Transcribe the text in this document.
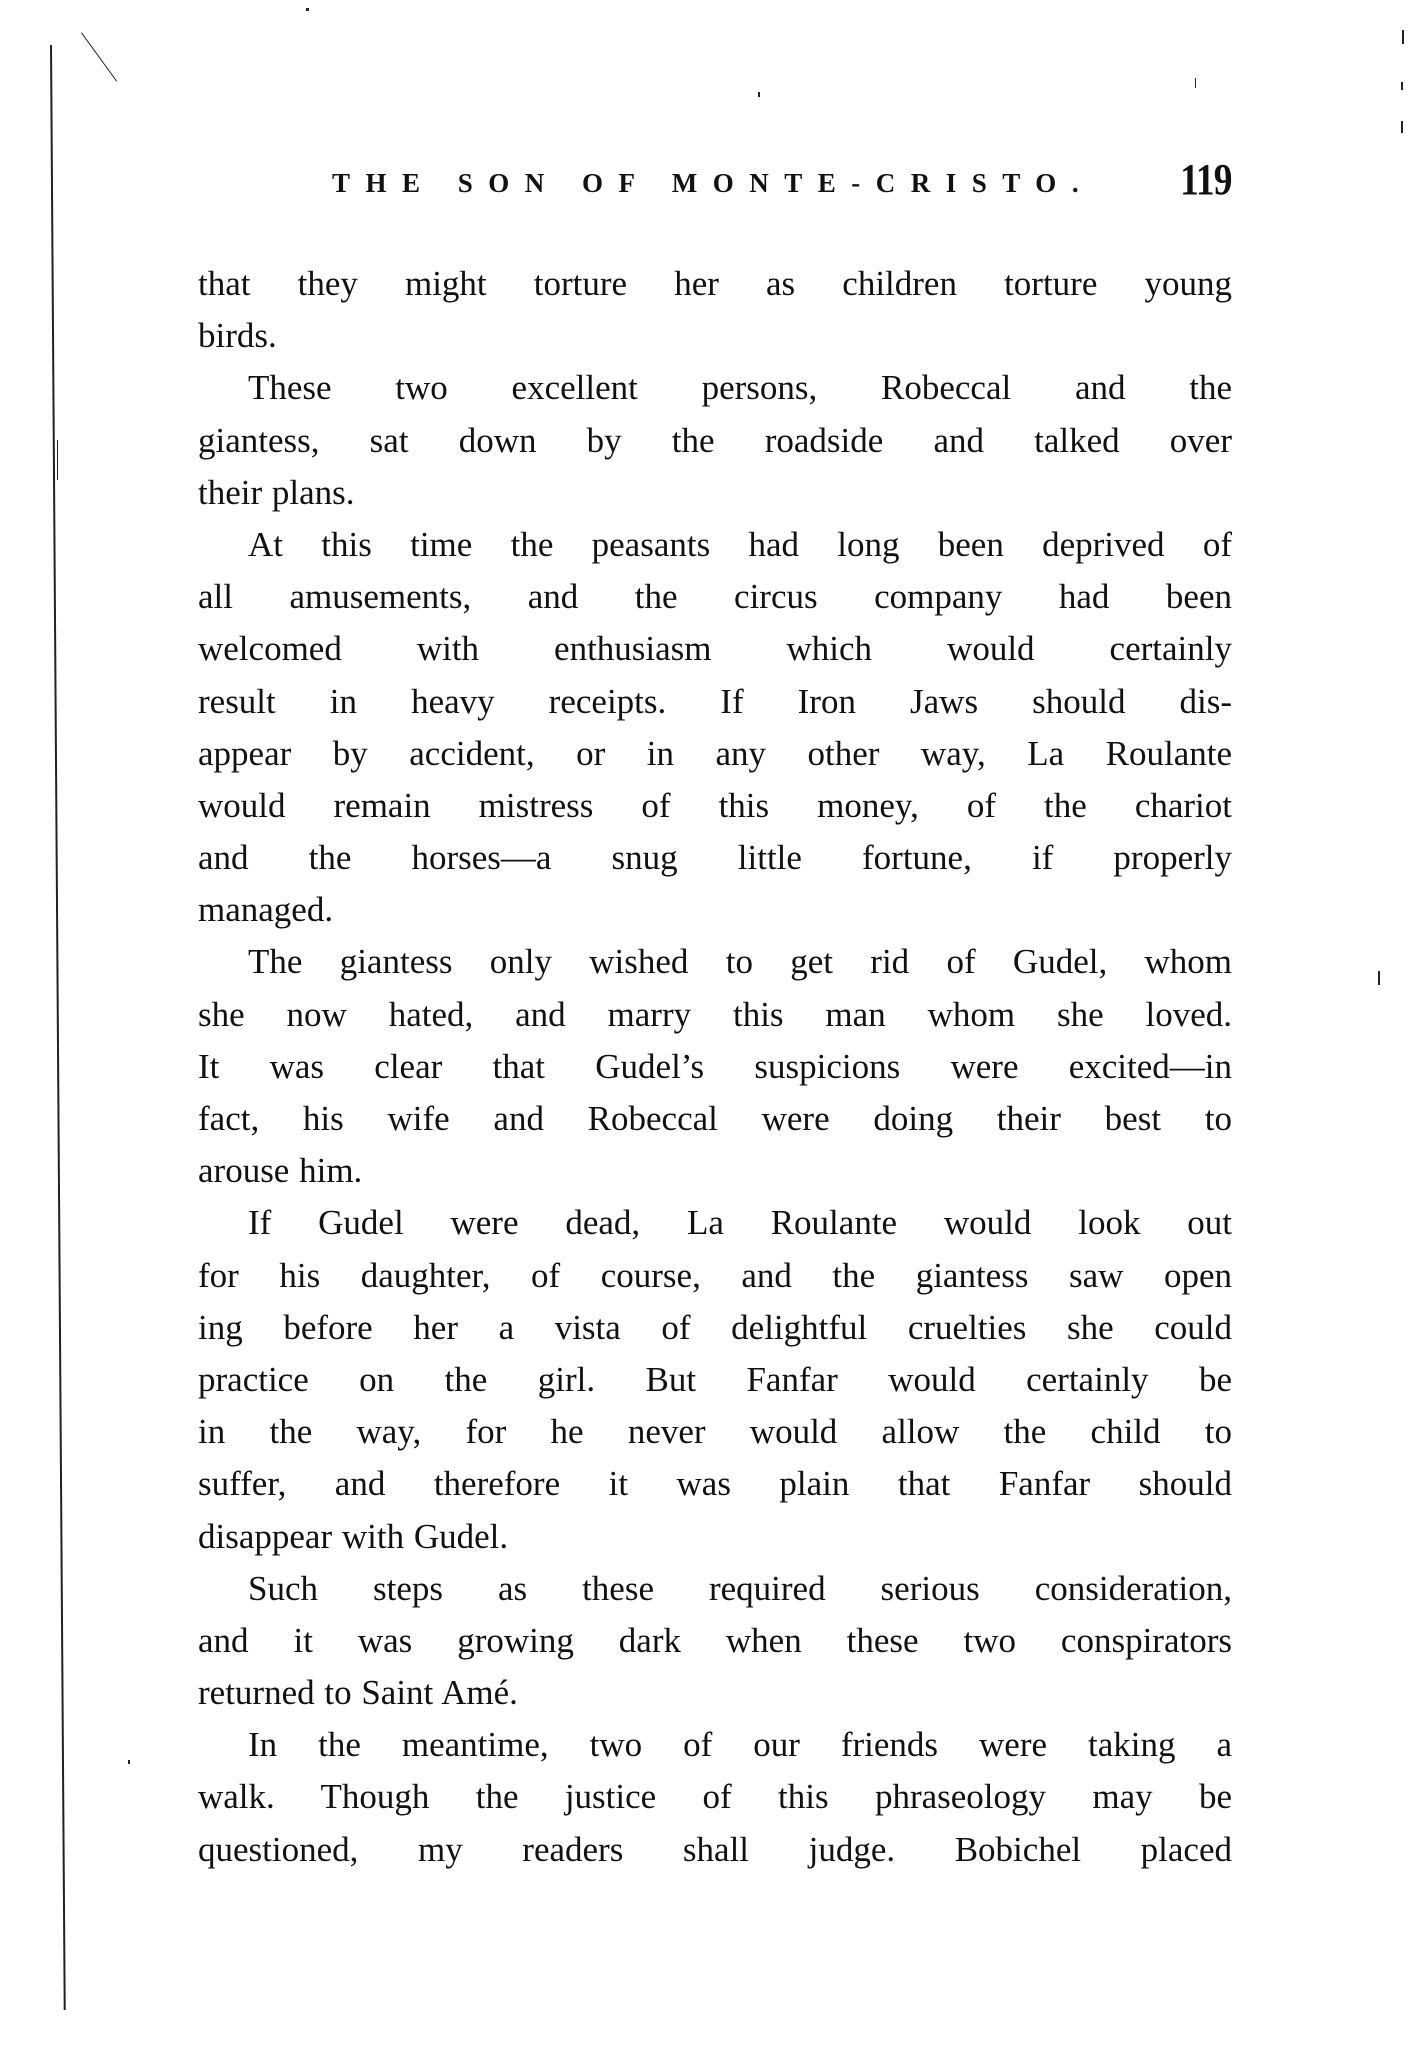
THE SON OF MONTE-CRISTO. 119
that they might torture her as children torture young
birds.
These two excellent persons, Robeccal and the
giantess, sat down by the roadside and talked over
their plans.
At this time the peasants had long been deprived of
all amusements, and the circus company had been
welcomed with enthusiasm which would certainly
result in heavy receipts. If Iron Jaws should dis-
appear by accident, or in any other way, La Roulante
would remain mistress of this money, of the chariot
and the horses—a snug little fortune, if properly
managed.
The giantess only wished to get rid of Gudel, whom
she now hated, and marry this man whom she loved.
It was clear that Gudel’s suspicions were excited—in
fact, his wife and Robeccal were doing their best to
arouse him.
If Gudel were dead, La Roulante would look out
for his daughter, of course, and the giantess saw open
ing before her a vista of delightful cruelties she could
practice on the girl. But Fanfar would certainly be
in the way, for he never would allow the child to
suffer, and therefore it was plain that Fanfar should
disappear with Gudel.
Such steps as these required serious consideration,
and it was growing dark when these two conspirators
returned to Saint Amé.
In the meantime, two of our friends were taking a
walk. Though the justice of this phraseology may be
questioned, my readers shall judge. Bobichel placed
